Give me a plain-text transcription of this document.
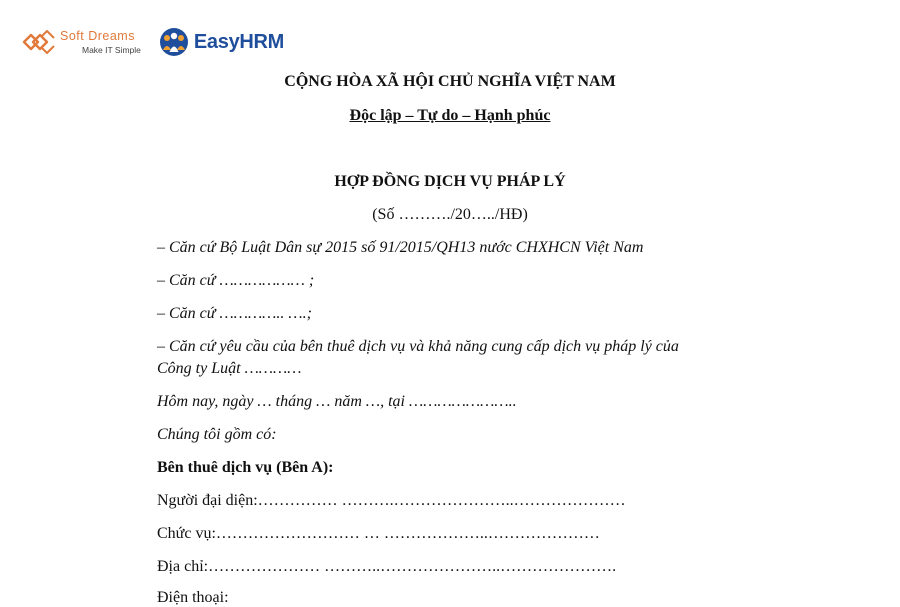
Soft Dreams
Make IT Simple	EasyHRM
CỘNG HÒA XÃ HỘI CHỦ NGHĨA VIỆT NAM
Độc lập – Tự do – Hạnh phúc
HỢP ĐỒNG DỊCH VỤ PHÁP LÝ
(Số ………./20…../HĐ)
– Căn cứ Bộ Luật Dân sự 2015 số 91/2015/QH13 nước CHXHCN Việt Nam
– Căn cứ ……………… ;
– Căn cứ ………….. ….;
– Căn cứ yêu cầu của bên thuê dịch vụ và khả năng cung cấp dịch vụ pháp lý của
Công ty Luật …………
Hôm nay, ngày … tháng … năm …, tại …………………..
Chúng tôi gồm có:
Bên thuê dịch vụ (Bên A):
Người đại diện:…………… ……….…………………..…………………
Chức vụ:……………………… … ………………..…………………
Địa chỉ:………………… ………..…………………..………………….
Điện thoại:
